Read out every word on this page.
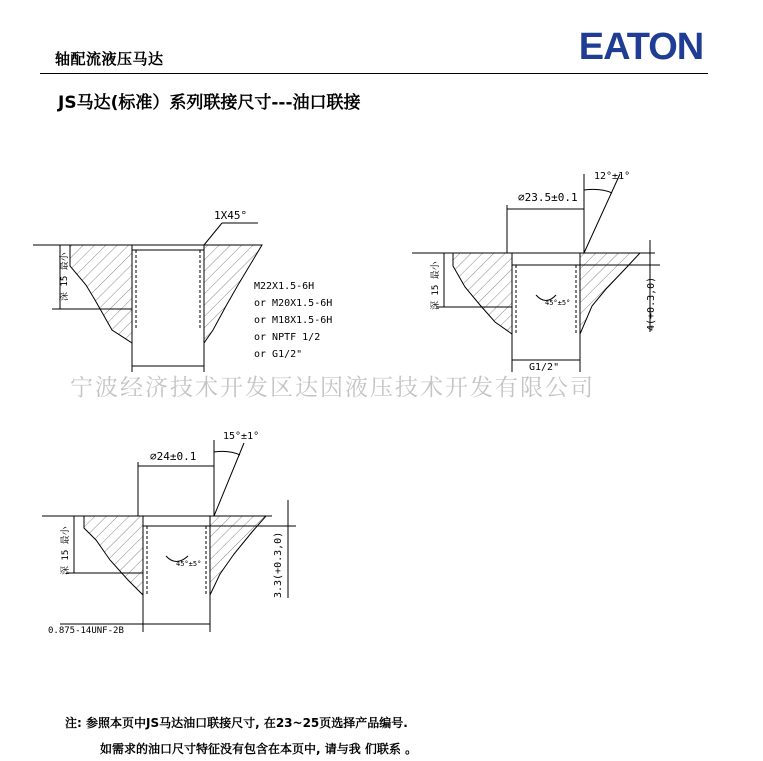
轴配流液压马达	EATON
JS马达(标准）系列联接尺寸---油口联接
1X45°
深 15 最小	M22X1.5-6H
or M20X1.5-6H
or M18X1.5-6H
or NPTF 1/2
or G1/2"
12°±1°
⌀23.5±0.1
深 15 最小	45°±5°	4(+0.3,0)
G1/2"
15°±1°
⌀24±0.1
深 15 最小	45°±5°	3.3(+0.3,0)
0.875-14UNF-2B
宁波经济技术开发区达因液压技术开发有限公司
注: 参照本页中JS马达油口联接尺寸, 在23~25页选择产品编号.
如需求的油口尺寸特征没有包含在本页中, 请与我 们联系 。
